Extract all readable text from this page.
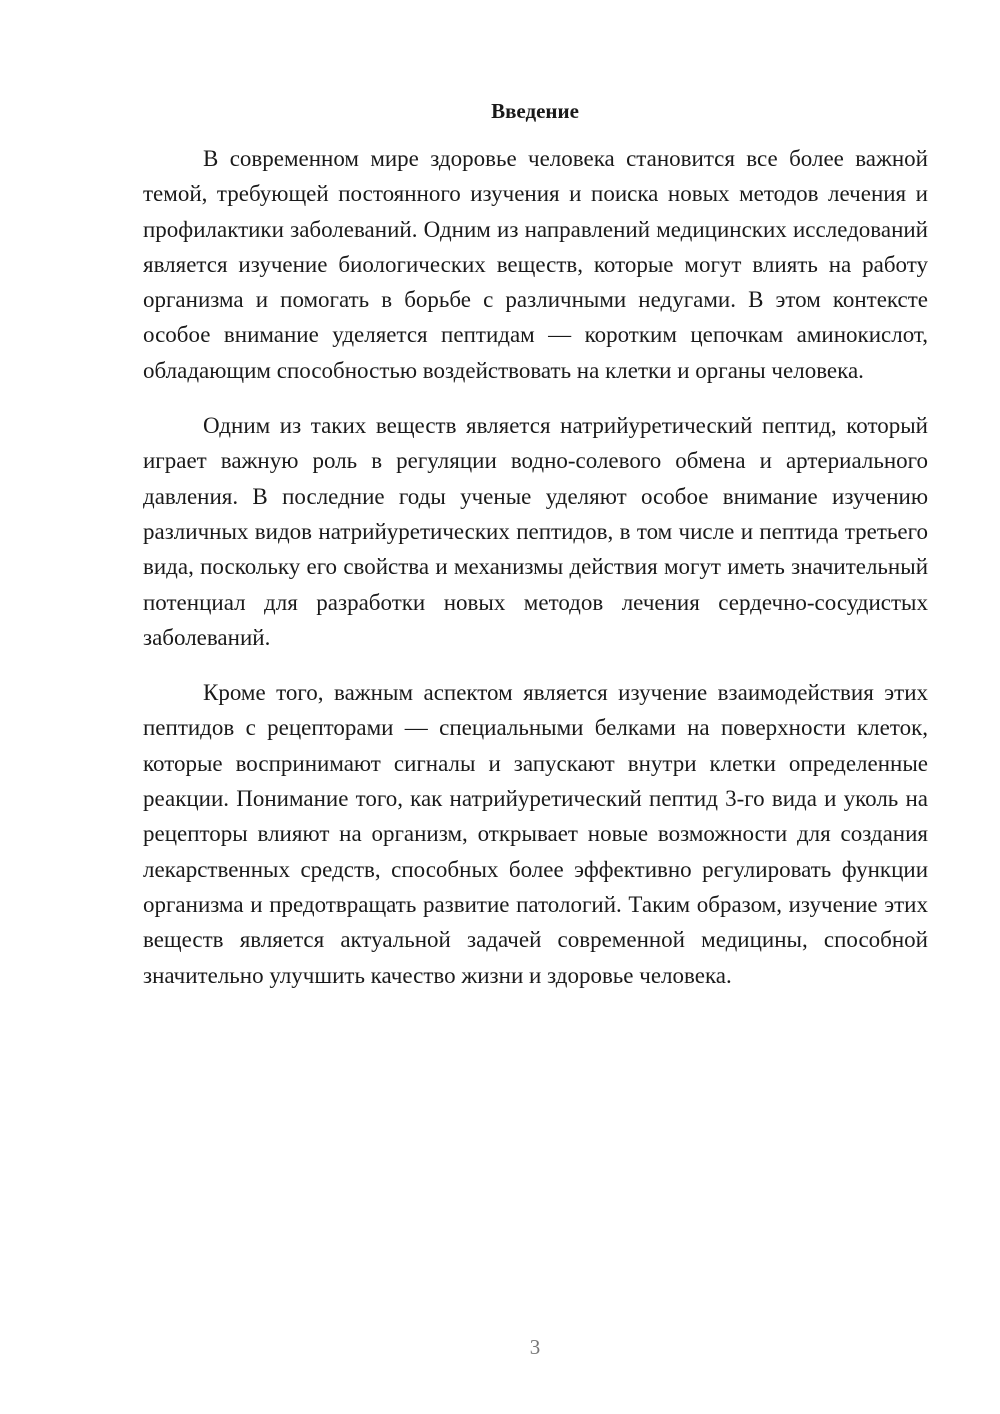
Введение

В современном мире здоровье человека становится все более важной темой, требующей постоянного изучения и поиска новых методов лечения и профилактики заболеваний. Одним из направлений медицинских исследований является изучение биологических веществ, которые могут влиять на работу организма и помогать в борьбе с различными недугами. В этом контексте особое внимание уделяется пептидам — коротким цепочкам аминокислот, обладающим способностью воздействовать на клетки и органы человека.

Одним из таких веществ является натрийуретический пептид, который играет важную роль в регуляции водно-солевого обмена и артериального давления. В последние годы ученые уделяют особое внимание изучению различных видов натрийуретических пептидов, в том числе и пептида третьего вида, поскольку его свойства и механизмы действия могут иметь значительный потенциал для разработки новых методов лечения сердечно-сосудистых заболеваний.

Кроме того, важным аспектом является изучение взаимодействия этих пептидов с рецепторами — специальными белками на поверхности клеток, которые воспринимают сигналы и запускают внутри клетки определенные реакции. Понимание того, как натрийуретический пептид 3-го вида и уколь на рецепторы влияют на организм, открывает новые возможности для создания лекарственных средств, способных более эффективно регулировать функции организма и предотвращать развитие патологий. Таким образом, изучение этих веществ является актуальной задачей современной медицины, способной значительно улучшить качество жизни и здоровье человека.

3
